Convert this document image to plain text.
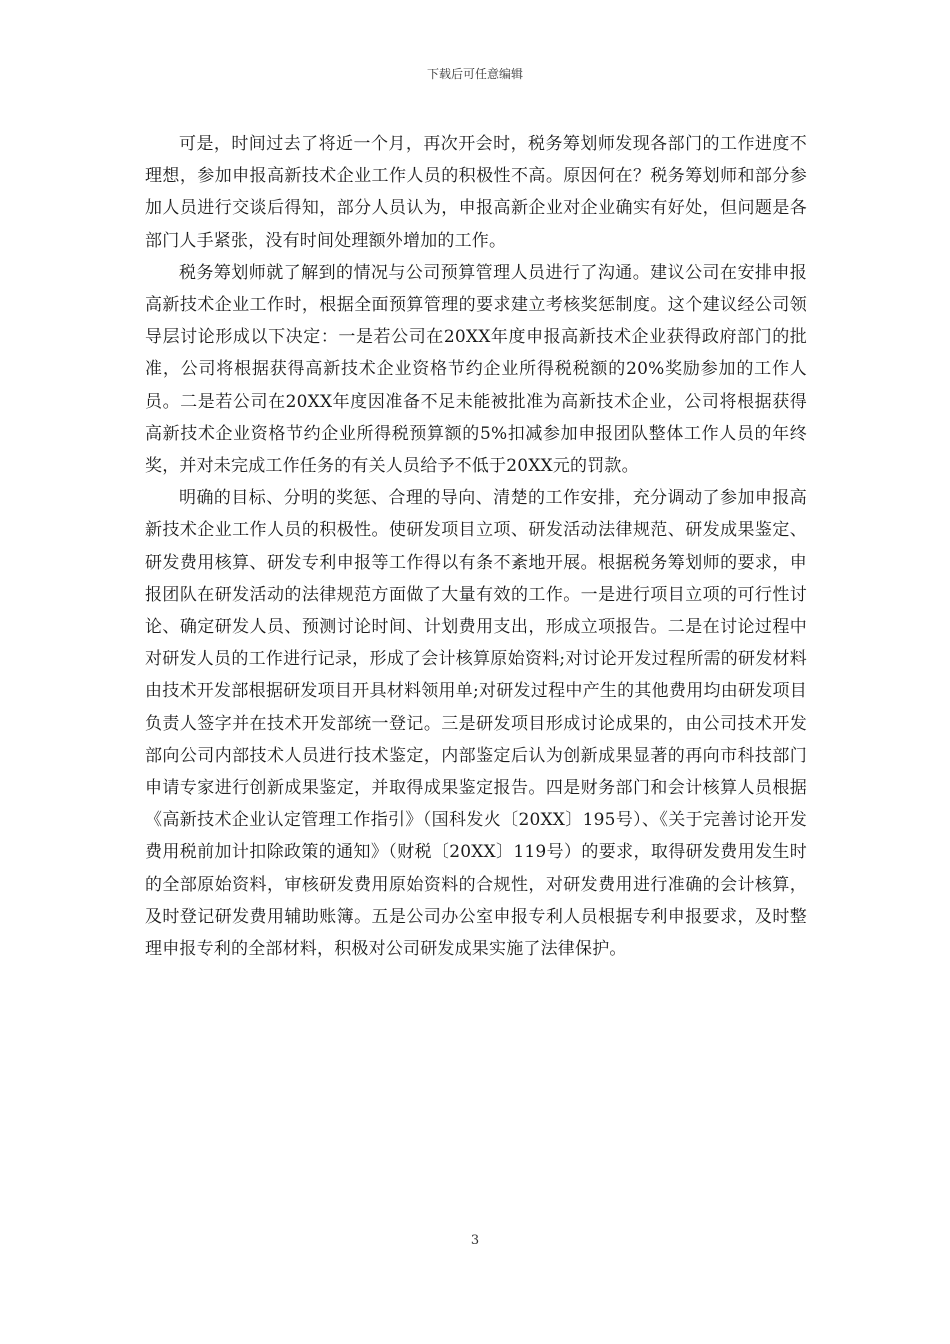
下载后可任意编辑

可是，时间过去了将近一个月，再次开会时，税务筹划师发现各部门的工作进度不理想，参加申报高新技术企业工作人员的积极性不高。原因何在？税务筹划师和部分参加人员进行交谈后得知，部分人员认为，申报高新企业对企业确实有好处，但问题是各部门人手紧张，没有时间处理额外增加的工作。

税务筹划师就了解到的情况与公司预算管理人员进行了沟通。建议公司在安排申报高新技术企业工作时，根据全面预算管理的要求建立考核奖惩制度。这个建议经公司领导层讨论形成以下决定：一是若公司在20XX年度申报高新技术企业获得政府部门的批准，公司将根据获得高新技术企业资格节约企业所得税税额的20%奖励参加的工作人员。二是若公司在20XX年度因准备不足未能被批准为高新技术企业，公司将根据获得高新技术企业资格节约企业所得税预算额的5%扣减参加申报团队整体工作人员的年终奖，并对未完成工作任务的有关人员给予不低于20XX元的罚款。

明确的目标、分明的奖惩、合理的导向、清楚的工作安排，充分调动了参加申报高新技术企业工作人员的积极性。使研发项目立项、研发活动法律规范、研发成果鉴定、研发费用核算、研发专利申报等工作得以有条不紊地开展。根据税务筹划师的要求，申报团队在研发活动的法律规范方面做了大量有效的工作。一是进行项目立项的可行性讨论、确定研发人员、预测讨论时间、计划费用支出，形成立项报告。二是在讨论过程中对研发人员的工作进行记录，形成了会计核算原始资料;对讨论开发过程所需的研发材料由技术开发部根据研发项目开具材料领用单;对研发过程中产生的其他费用均由研发项目负责人签字并在技术开发部统一登记。三是研发项目形成讨论成果的，由公司技术开发部向公司内部技术人员进行技术鉴定，内部鉴定后认为创新成果显著的再向市科技部门申请专家进行创新成果鉴定，并取得成果鉴定报告。四是财务部门和会计核算人员根据《高新技术企业认定管理工作指引》（国科发火〔20XX〕195号）、《关于完善讨论开发费用税前加计扣除政策的通知》（财税〔20XX〕119号）的要求，取得研发费用发生时的全部原始资料，审核研发费用原始资料的合规性，对研发费用进行准确的会计核算，及时登记研发费用辅助账簿。五是公司办公室申报专利人员根据专利申报要求，及时整理申报专利的全部材料，积极对公司研发成果实施了法律保护。

3
